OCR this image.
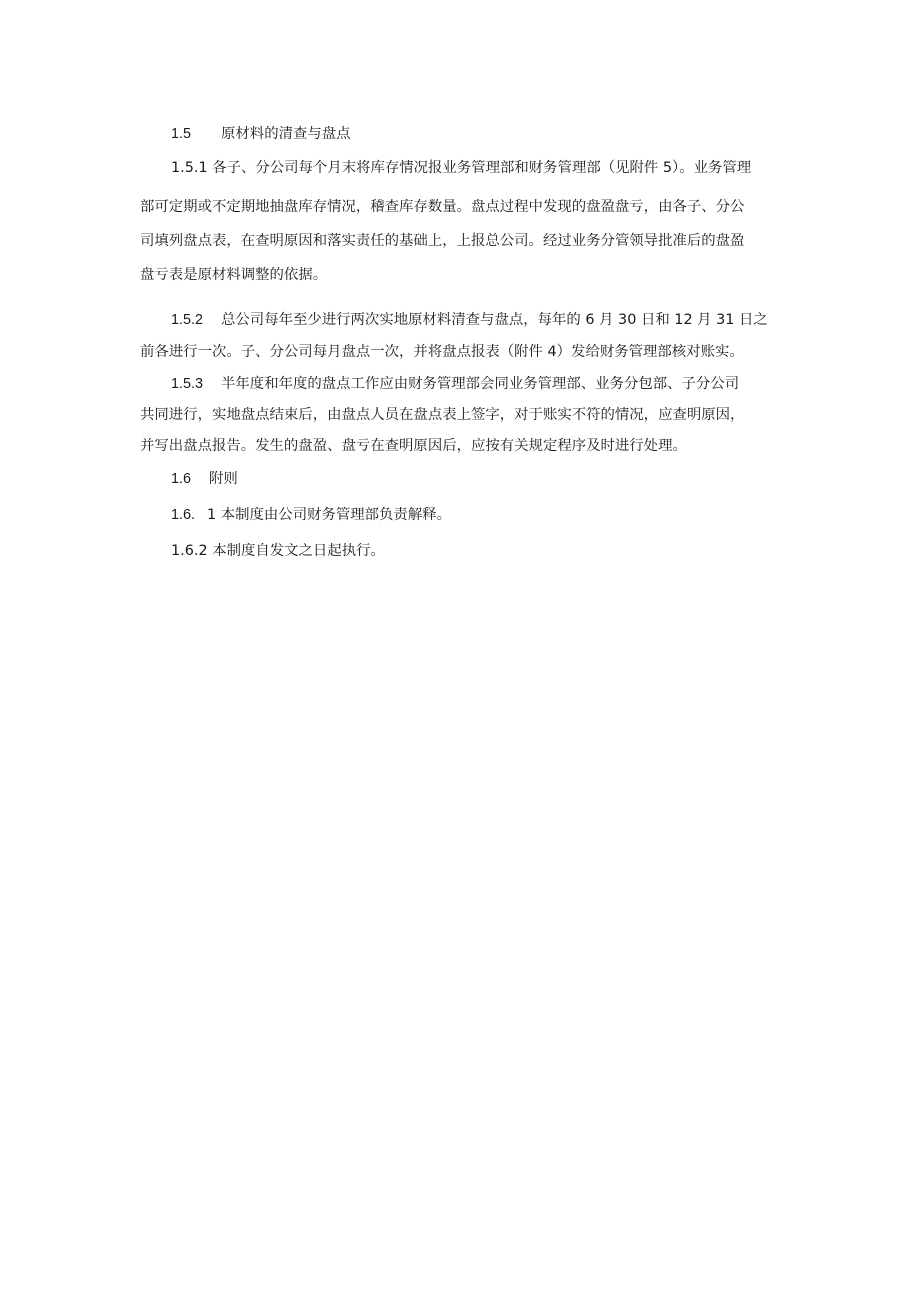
1.5 原材料的清查与盘点
1.5.1 各子、分公司每个月末将库存情况报业务管理部和财务管理部（见附件 5）。业务管理
部可定期或不定期地抽盘库存情况，稽查库存数量。盘点过程中发现的盘盈盘亏，由各子、分公
司填列盘点表，在查明原因和落实责任的基础上，上报总公司。经过业务分管领导批准后的盘盈
盘亏表是原材料调整的依据。
1.5.2 总公司每年至少进行两次实地原材料清查与盘点，每年的 6 月 30 日和 12 月 31 日之
前各进行一次。子、分公司每月盘点一次，并将盘点报表（附件 4）发给财务管理部核对账实。
1.5.3 半年度和年度的盘点工作应由财务管理部会同业务管理部、业务分包部、子分公司
共同进行，实地盘点结束后，由盘点人员在盘点表上签字，对于账实不符的情况，应查明原因，
并写出盘点报告。发生的盘盈、盘亏在查明原因后，应按有关规定程序及时进行处理。
1.6 附则
1.6. 1 本制度由公司财务管理部负责解释。
1.6.2 本制度自发文之日起执行。
